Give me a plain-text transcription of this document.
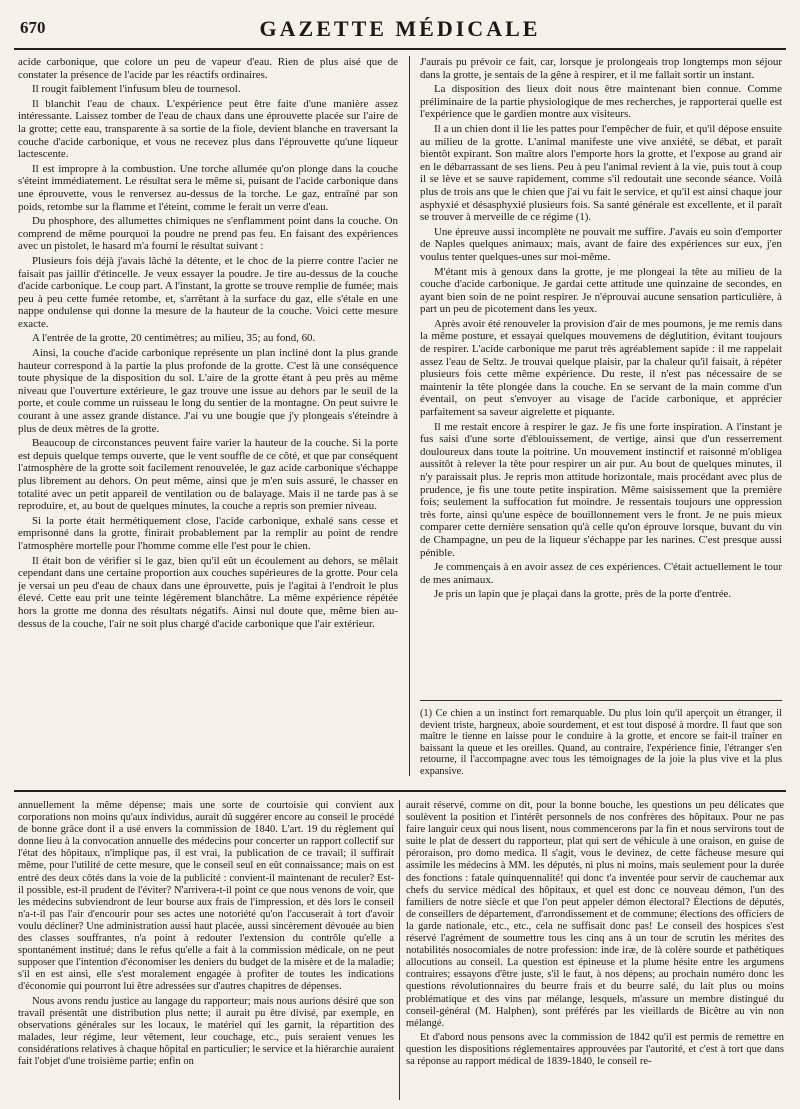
670	GAZETTE MÉDICALE

acide carbonique, que colore un peu de vapeur d'eau. Rien de plus aisé que de constater la présence de l'acide par les réactifs ordinaires.

Il rougit faiblement l'infusum bleu de tournesol.

Il blanchit l'eau de chaux. L'expérience peut être faite d'une manière assez intéressante. Laissez tomber de l'eau de chaux dans une éprouvette placée sur l'aire de la grotte; cette eau, transparente à sa sortie de la fiole, devient blanche en traversant la couche d'acide carbonique, et vous ne recevez plus dans l'éprouvette qu'une liqueur lactescente.

Il est impropre à la combustion. Une torche allumée qu'on plonge dans la couche s'éteint immédiatement. Le résultat sera le même si, puisant de l'acide carbonique dans une éprouvette, vous le renversez au-dessus de la torche. Le gaz, entraîné par son poids, retombe sur la flamme et l'éteint, comme le ferait un verre d'eau.

Du phosphore, des allumettes chimiques ne s'enflamment point dans la couche. On comprend de même pourquoi la poudre ne prend pas feu. En faisant des expériences avec un pistolet, le hasard m'a fourni le résultat suivant :

Plusieurs fois déjà j'avais lâché la détente, et le choc de la pierre contre l'acier ne faisait pas jaillir d'étincelle. Je veux essayer la poudre. Je tire au-dessus de la couche d'acide carbonique. Le coup part. A l'instant, la grotte se trouve remplie de fumée; mais peu à peu cette fumée retombe, et, s'arrêtant à la surface du gaz, elle s'étale en une nappe ondulense qui donne la mesure de la hauteur de la couche. Voici cette mesure exacte.

A l'entrée de la grotte, 20 centimètres; au milieu, 35; au fond, 60.

Ainsi, la couche d'acide carbonique représente un plan incliné dont la plus grande hauteur correspond à la partie la plus profonde de la grotte. C'est là une conséquence toute physique de la disposition du sol. L'aire de la grotte étant à peu près au même niveau que l'ouverture extérieure, le gaz trouve une issue au dehors par le seuil de la porte, et coule comme un ruisseau le long du sentier de la montagne. On peut suivre le courant à une assez grande distance. J'ai vu une bougie que j'y plongeais s'éteindre à plus de deux mètres de la grotte.

Beaucoup de circonstances peuvent faire varier la hauteur de la couche. Si la porte est depuis quelque temps ouverte, que le vent souffle de ce côté, et que par conséquent l'atmosphère de la grotte soit facilement renouvelée, le gaz acide carbonique s'échappe plus librement au dehors. On peut même, ainsi que je m'en suis assuré, le chasser en totalité avec un petit appareil de ventilation ou de balayage. Mais il ne tarde pas à se reproduire, et, au bout de quelques minutes, la couche a repris son premier niveau.

Si la porte était hermétiquement close, l'acide carbonique, exhalé sans cesse et emprisonné dans la grotte, finirait probablement par la remplir au point de rendre l'atmosphère mortelle pour l'homme comme elle l'est pour le chien.

Il était bon de vérifier si le gaz, bien qu'il eût un écoulement au dehors, se mêlait cependant dans une certaine proportion aux couches supérieures de la grotte. Pour cela je versai un peu d'eau de chaux dans une éprouvette, puis je l'agitai à l'endroit le plus élevé. Cette eau prit une teinte légèrement blanchâtre. La même expérience répétée hors la grotte me donna des résultats négatifs. Ainsi nul doute que, même bien au-dessus de la couche, l'air ne soit plus chargé d'acide carbonique que l'air extérieur.

J'aurais pu prévoir ce fait, car, lorsque je prolongeais trop longtemps mon séjour dans la grotte, je sentais de la gêne à respirer, et il me fallait sortir un instant.

La disposition des lieux doit nous être maintenant bien connue. Comme préliminaire de la partie physiologique de mes recherches, je rapporterai quelle est l'expérience que le gardien montre aux visiteurs.

Il a un chien dont il lie les pattes pour l'empêcher de fuir, et qu'il dépose ensuite au milieu de la grotte. L'animal manifeste une vive anxiété, se débat, et paraît bientôt expirant. Son maître alors l'emporte hors la grotte, et l'expose au grand air en le débarrassant de ses liens. Peu à peu l'animal revient à la vie, puis tout à coup il se lève et se sauve rapidement, comme s'il redoutait une seconde séance. Voilà plus de trois ans que le chien que j'ai vu fait le service, et qu'il est ainsi chaque jour asphyxié et désasphyxié plusieurs fois. Sa santé générale est excellente, et il paraît se trouver à merveille de ce régime (1).

Une épreuve aussi incomplète ne pouvait me suffire. J'avais eu soin d'emporter de Naples quelques animaux; mais, avant de faire des expériences sur eux, j'en voulus tenter quelques-unes sur moi-même.

M'étant mis à genoux dans la grotte, je me plongeai la tête au milieu de la couche d'acide carbonique. Je gardai cette attitude une quinzaine de secondes, en ayant bien soin de ne point respirer. Je n'éprouvai aucune sensation particulière, à part un peu de picotement dans les yeux.

Après avoir été renouveler la provision d'air de mes poumons, je me remis dans la même posture, et essayai quelques mouvemens de déglutition, évitant toujours de respirer. L'acide carbonique me parut très agréablement sapide : il me rappelait assez l'eau de Seltz. Je trouvai quelque plaisir, par la chaleur qu'il faisait, à répéter plusieurs fois cette même expérience. Du reste, il n'est pas nécessaire de se maintenir la tête plongée dans la couche. En se servant de la main comme d'un éventail, on peut s'envoyer au visage de l'acide carbonique, et apprécier parfaitement sa saveur aigrelette et piquante.

Il me restait encore à respirer le gaz. Je fis une forte inspiration. A l'instant je fus saisi d'une sorte d'éblouissement, de vertige, ainsi que d'un resserrement douloureux dans toute la poitrine. Un mouvement instinctif et raisonné m'obligea aussitôt à relever la tête pour respirer un air pur. Au bout de quelques minutes, il n'y paraissait plus. Je repris mon attitude horizontale, mais procédant avec plus de prudence, je fis une toute petite inspiration. Même saisissement que la première fois; seulement la suffocation fut moindre. Je ressentais toujours une oppression très forte, ainsi qu'une espèce de bouillonnement vers le front. Je ne puis mieux comparer cette dernière sensation qu'à celle qu'on éprouve lorsque, buvant du vin de Champagne, un peu de la liqueur s'échappe par les narines. C'est presque aussi pénible.

Je commençais à en avoir assez de ces expériences. C'était actuellement le tour de mes animaux.

Je pris un lapin que je plaçai dans la grotte, près de la porte d'entrée.

(1) Ce chien a un instinct fort remarquable. Du plus loin qu'il aperçoit un étranger, il devient triste, hargneux, aboie sourdement, et est tout disposé à mordre. Il faut que son maître le tienne en laisse pour le conduire à la grotte, et encore se fait-il traîner en baissant la queue et les oreilles. Quand, au contraire, l'expérience finie, l'étranger s'en retourne, il l'accompagne avec tous les témoignages de la joie la plus vive et la plus expansive.

annuellement la même dépense; mais une sorte de courtoisie qui convient aux corporations non moins qu'aux individus, aurait dû suggérer encore au conseil le procédé de bonne grâce dont il a usé envers la commission de 1840. L'art. 19 du règlement qui donne lieu à la convocation annuelle des médecins pour concerter un rapport collectif sur l'état des hôpitaux, n'implique pas, il est vrai, la publication de ce travail; il suffirait même, pour l'utilité de cette mesure, que le conseil seul en eût connaissance; mais on est entré des deux côtés dans la voie de la publicité : convient-il maintenant de reculer? Est-il possible, est-il prudent de l'éviter? N'arrivera-t-il point ce que nous venons de voir, que les médecins subviendront de leur bourse aux frais de l'impression, et dès lors le conseil n'a-t-il pas l'air d'encourir pour ses actes une notoriété qu'on l'accuserait à tort d'avoir voulu décliner? Une administration aussi haut placée, aussi sincèrement dévouée au bien des classes souffrantes, n'a point à redouter l'extension du contrôle qu'elle a spontanément institué; dans le refus qu'elle a fait à la commission médicale, on ne peut supposer que l'intention d'économiser les deniers du budget de la misère et de la maladie; s'il en est ainsi, elle s'est moralement engagée à profiter de toutes les indications d'économie qui pourront lui être adressées sur d'autres chapitres de dépenses.

Nous avons rendu justice au langage du rapporteur; mais nous aurions désiré que son travail présentât une distribution plus nette; il aurait pu être divisé, par exemple, en observations générales sur les locaux, le matériel qui les garnit, la répartition des malades, leur régime, leur vêtement, leur couchage, etc., puis seraient venues les considérations relatives à chaque hôpital en particulier; le service et la hiérarchie auraient fait l'objet d'une troisième partie; enfin on

aurait réservé, comme on dit, pour la bonne bouche, les questions un peu délicates que soulèvent la position et l'intérêt personnels de nos confrères des hôpitaux. Pour ne pas faire languir ceux qui nous lisent, nous commencerons par la fin et nous servirons tout de suite le plat de dessert du rapporteur, plat qui sert de véhicule à une oraison, en guise de péroraison, pro domo medica. Il s'agit, vous le devinez, de cette fâcheuse mesure qui assimile les médecins à MM. les députés, ni plus ni moins, mais seulement pour la durée des fonctions : fatale quinquennalité! qui donc t'a inventée pour servir de cauchemar aux chefs du service médical des hôpitaux, et quel est donc ce nouveau démon, l'un des familiers de notre siècle et que l'on peut appeler démon électoral? Élections de députés, de conseillers de département, d'arrondissement et de commune; élections des officiers de la garde nationale, etc., etc., cela ne suffisait donc pas! Le conseil des hospices s'est réservé l'agrément de soumettre tous les cinq ans à un tour de scrutin les mérites des notabilités nosocomiales de notre profession: inde iræ, de là colère sourde et pathétiques allocutions au conseil. La question est épineuse et la plume hésite entre les argumens contraires; essayons d'être juste, s'il le faut, à nos dépens; au prochain numéro donc les questions révolutionnaires du beurre frais et du beurre salé, du lait plus ou moins problématique et des vins par mélange, lesquels, m'assure un membre distingué du conseil-général (M. Halphen), sont préférés par les vieillards de Bicêtre au vin non mélangé.

Et d'abord nous pensons avec la commission de 1842 qu'il est permis de remettre en question les dispositions réglementaires approuvées par l'autorité, et c'est à tort que dans sa réponse au rapport médical de 1839-1840, le conseil re-
